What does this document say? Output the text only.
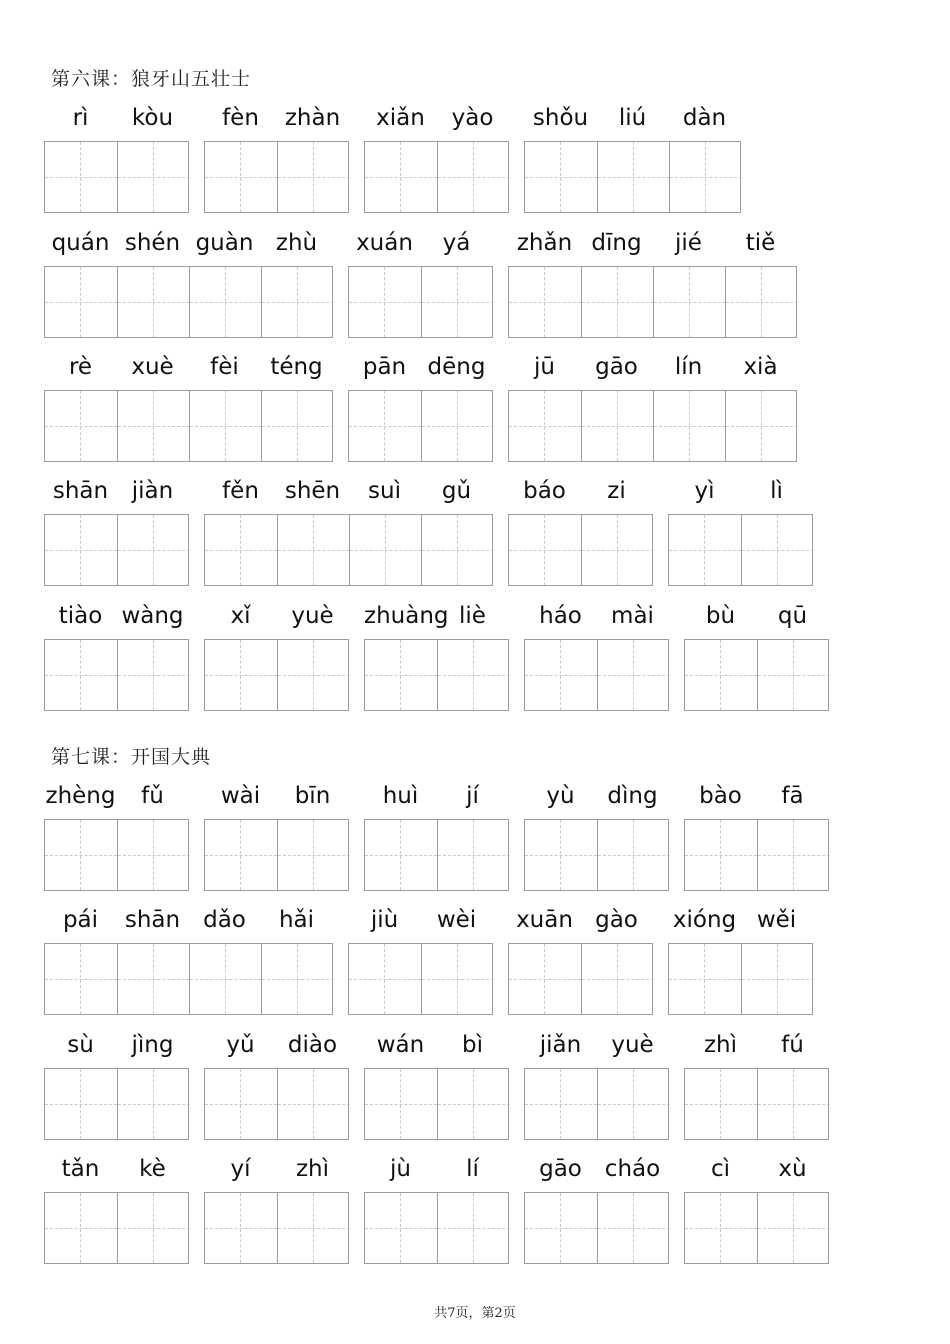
第六课：狼牙山五壮士
rì	kòu	fèn	zhàn	xiǎn	yào	shǒu	liú	dàn
quán shén guàn zhù	xuán	yá	zhǎn dīng	jié	tiě
rè	xuè	fèi	téng	pān dēng	jū	gāo	lín	xià
shān	jiàn	fěn	shēn	suì	gǔ	báo	zi	yì	lì
tiào wàng	xǐ	yuè	zhuàng liè	háo	mài	bù	qū
第七课：开国大典
zhèng	fǔ	wài	bīn	huì	jí	yù	dìng	bào	fā
pái	shān	dǎo	hǎi	jiù	wèi	xuān gào	xióng wěi
sù	jìng	yǔ	diào	wán	bì	jiǎn	yuè	zhì	fú
tǎn	kè	yí	zhì	jù	lí	gāo cháo	cì	xù
共7页，第2页
